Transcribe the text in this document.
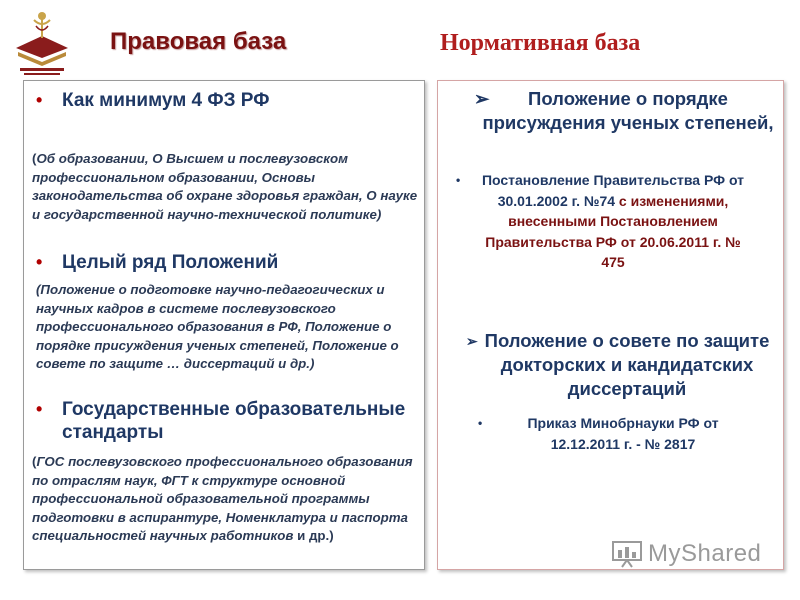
Правовая база	Нормативная база
• Как минимум 4 ФЗ РФ
(Об образовании, О Высшем и послевузовском профессиональном образовании, Основы законодательства об охране здоровья граждан, О науке и государственной научно-технической политике)
• Целый ряд Положений
(Положение о подготовке научно-педагогических и научных кадров в системе послевузовского профессионального образования в РФ, Положение о порядке присуждения ученых степеней, Положение о совете по защите … диссертаций и др.)
• Государственные образовательные стандарты
(ГОС послевузовского профессионального образования по отраслям наук, ФГТ к структуре основной профессиональной образовательной программы подготовки в аспирантуре, Номенклатура и паспорта специальностей научных работников и др.)
➢ Положение о порядке присуждения ученых степеней,
• Постановление Правительства РФ от 30.01.2002 г. №74 с изменениями, внесенными Постановлением Правительства РФ от 20.06.2011 г. № 475
➢ Положение о совете по защите докторских и кандидатских диссертаций
•	Приказ Минобрнауки РФ от 12.12.2011 г. - № 2817
MyShared
